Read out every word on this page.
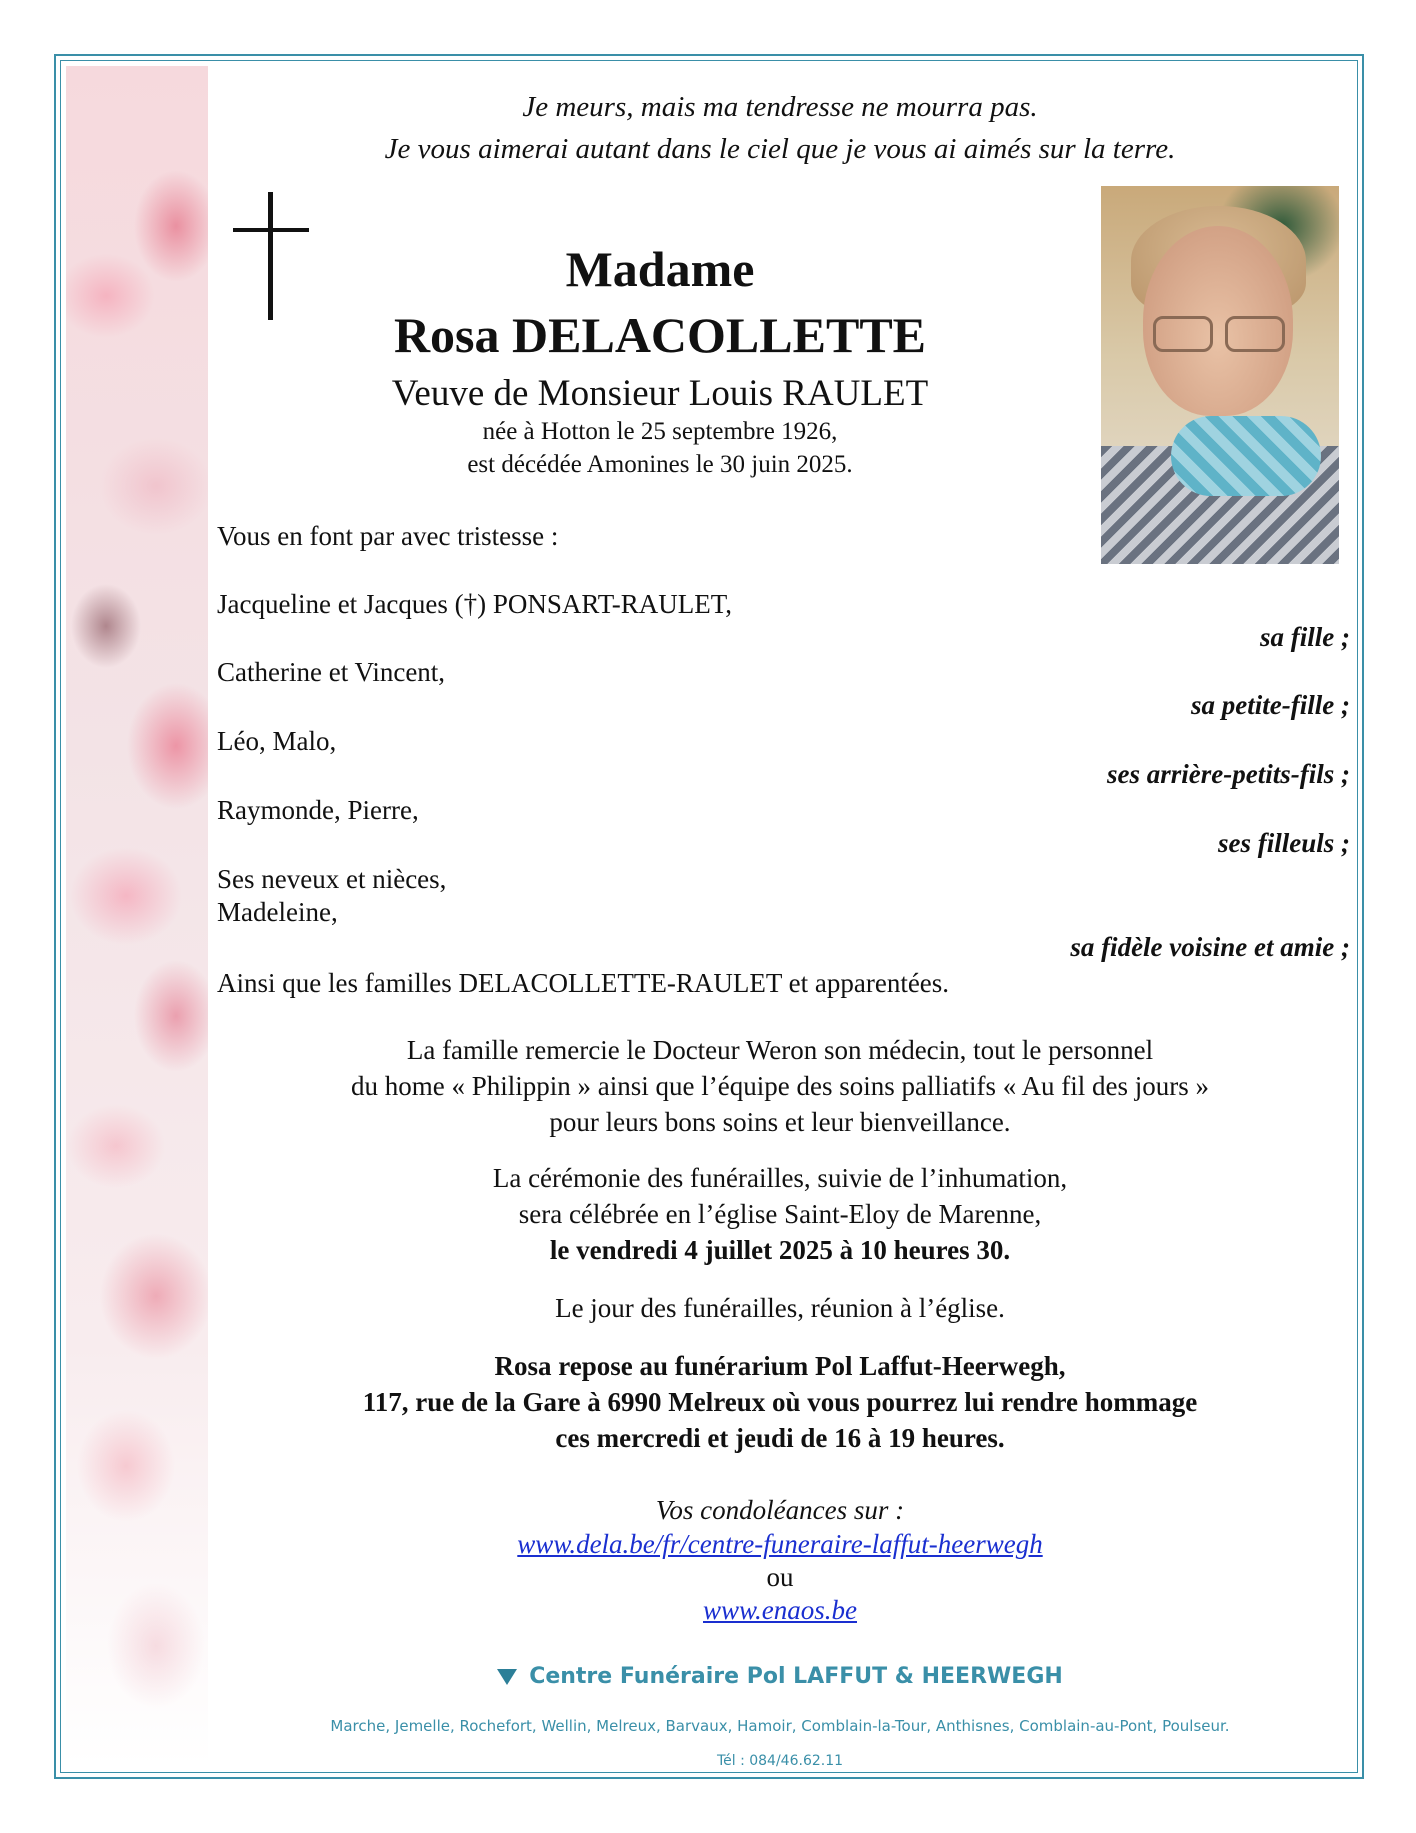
Je meurs, mais ma tendresse ne mourra pas.
Je vous aimerai autant dans le ciel que je vous ai aimés sur la terre.
Madame
Rosa DELACOLLETTE
Veuve de Monsieur Louis RAULET
née à Hotton le 25 septembre 1926,
est décédée Amonines le 30 juin 2025.
Vous en font par avec tristesse :
Jacqueline et Jacques (†) PONSART-RAULET,
sa fille ;
Catherine et Vincent,
sa petite-fille ;
Léo, Malo,
ses arrière-petits-fils ;
Raymonde, Pierre,
ses filleuls ;
Ses neveux et nièces,
Madeleine,
sa fidèle voisine et amie ;
Ainsi que les familles DELACOLLETTE-RAULET et apparentées.
La famille remercie le Docteur Weron son médecin, tout le personnel
du home « Philippin » ainsi que l’équipe des soins palliatifs « Au fil des jours »
pour leurs bons soins et leur bienveillance.
La cérémonie des funérailles, suivie de l’inhumation,
sera célébrée en l’église Saint-Eloy de Marenne,
le vendredi 4 juillet 2025 à 10 heures 30.
Le jour des funérailles, réunion à l’église.
Rosa repose au funérarium Pol Laffut-Heerwegh,
117, rue de la Gare à 6990 Melreux où vous pourrez lui rendre hommage
ces mercredi et jeudi de 16 à 19 heures.
Vos condoléances sur :
www.dela.be/fr/centre-funeraire-laffut-heerwegh
ou
www.enaos.be
Centre Funéraire Pol LAFFUT & HEERWEGH
Marche, Jemelle, Rochefort, Wellin, Melreux, Barvaux, Hamoir, Comblain-la-Tour, Anthisnes, Comblain-au-Pont, Poulseur.
Tél : 084/46.62.11
